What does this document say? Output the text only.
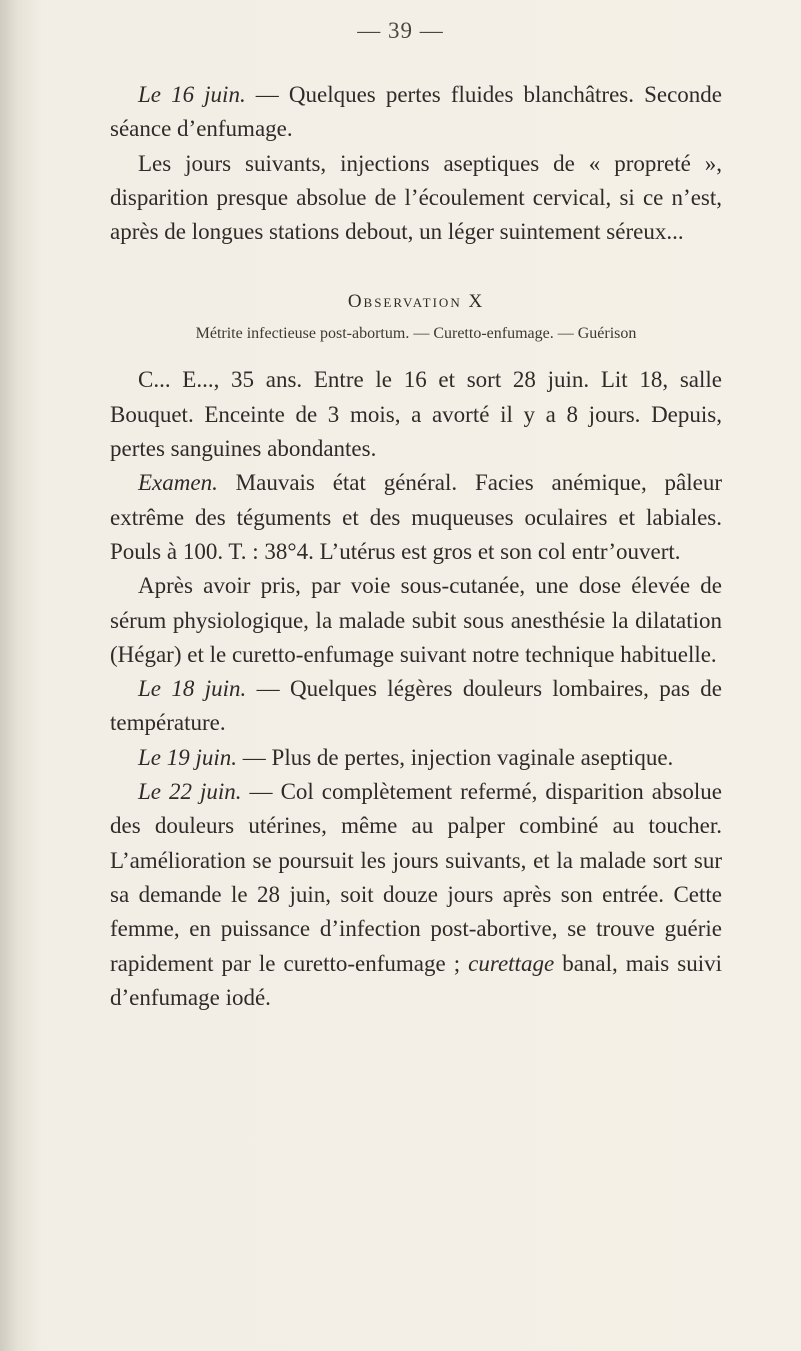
— 39 —

Le 16 juin. — Quelques pertes fluides blanchâtres. Seconde séance d’enfumage.

Les jours suivants, injections aseptiques de « propreté », disparition presque absolue de l’écoulement cervical, si ce n’est, après de longues stations debout, un léger suintement séreux...

Observation X
Métrite infectieuse post-abortum. — Curetto-enfumage. — Guérison

C... E..., 35 ans. Entre le 16 et sort 28 juin. Lit 18, salle Bouquet. Enceinte de 3 mois, a avorté il y a 8 jours. Depuis, pertes sanguines abondantes.

Examen. Mauvais état général. Facies anémique, pâleur extrême des téguments et des muqueuses oculaires et labiales. Pouls à 100. T. : 38°4. L’utérus est gros et son col entr’ouvert.

Après avoir pris, par voie sous-cutanée, une dose élevée de sérum physiologique, la malade subit sous anesthésie la dilatation (Hégar) et le curetto-enfumage suivant notre technique habituelle.

Le 18 juin. — Quelques légères douleurs lombaires, pas de température.

Le 19 juin. — Plus de pertes, injection vaginale aseptique.

Le 22 juin. — Col complètement refermé, disparition absolue des douleurs utérines, même au palper combiné au toucher. L’amélioration se poursuit les jours suivants, et la malade sort sur sa demande le 28 juin, soit douze jours après son entrée. Cette femme, en puissance d’infection post-abortive, se trouve guérie rapidement par le curetto-enfumage ; curettage banal, mais suivi d’enfumage iodé.
